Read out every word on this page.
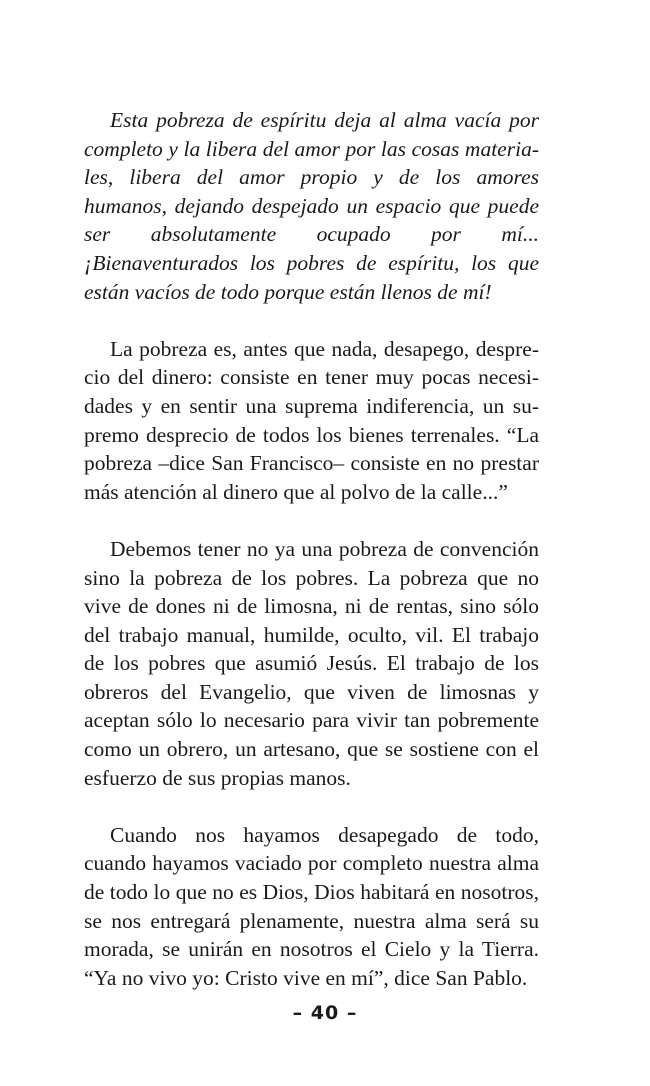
Esta pobreza de espíritu deja al alma vacía por completo y la libera del amor por las cosas materiales, libera del amor propio y de los amores humanos, dejando despejado un espacio que puede ser absolutamente ocupado por mí... ¡Bienaventurados los pobres de espíritu, los que están vacíos de todo porque están llenos de mí!

La pobreza es, antes que nada, desapego, desprecio del dinero: consiste en tener muy pocas necesidades y en sentir una suprema indiferencia, un supremo desprecio de todos los bienes terrenales. “La pobreza –dice San Francisco– consiste en no prestar más atención al dinero que al polvo de la calle...”

Debemos tener no ya una pobreza de convención sino la pobreza de los pobres. La pobreza que no vive de dones ni de limosna, ni de rentas, sino sólo del trabajo manual, humilde, oculto, vil. El trabajo de los pobres que asumió Jesús. El trabajo de los obreros del Evangelio, que viven de limosnas y aceptan sólo lo necesario para vivir tan pobremente como un obrero, un artesano, que se sostiene con el esfuerzo de sus propias manos.

Cuando nos hayamos desapegado de todo, cuando hayamos vaciado por completo nuestra alma de todo lo que no es Dios, Dios habitará en nosotros, se nos entregará plenamente, nuestra alma será su morada, se unirán en nosotros el Cielo y la Tierra. “Ya no vivo yo: Cristo vive en mí”, dice San Pablo.

– 40 –
